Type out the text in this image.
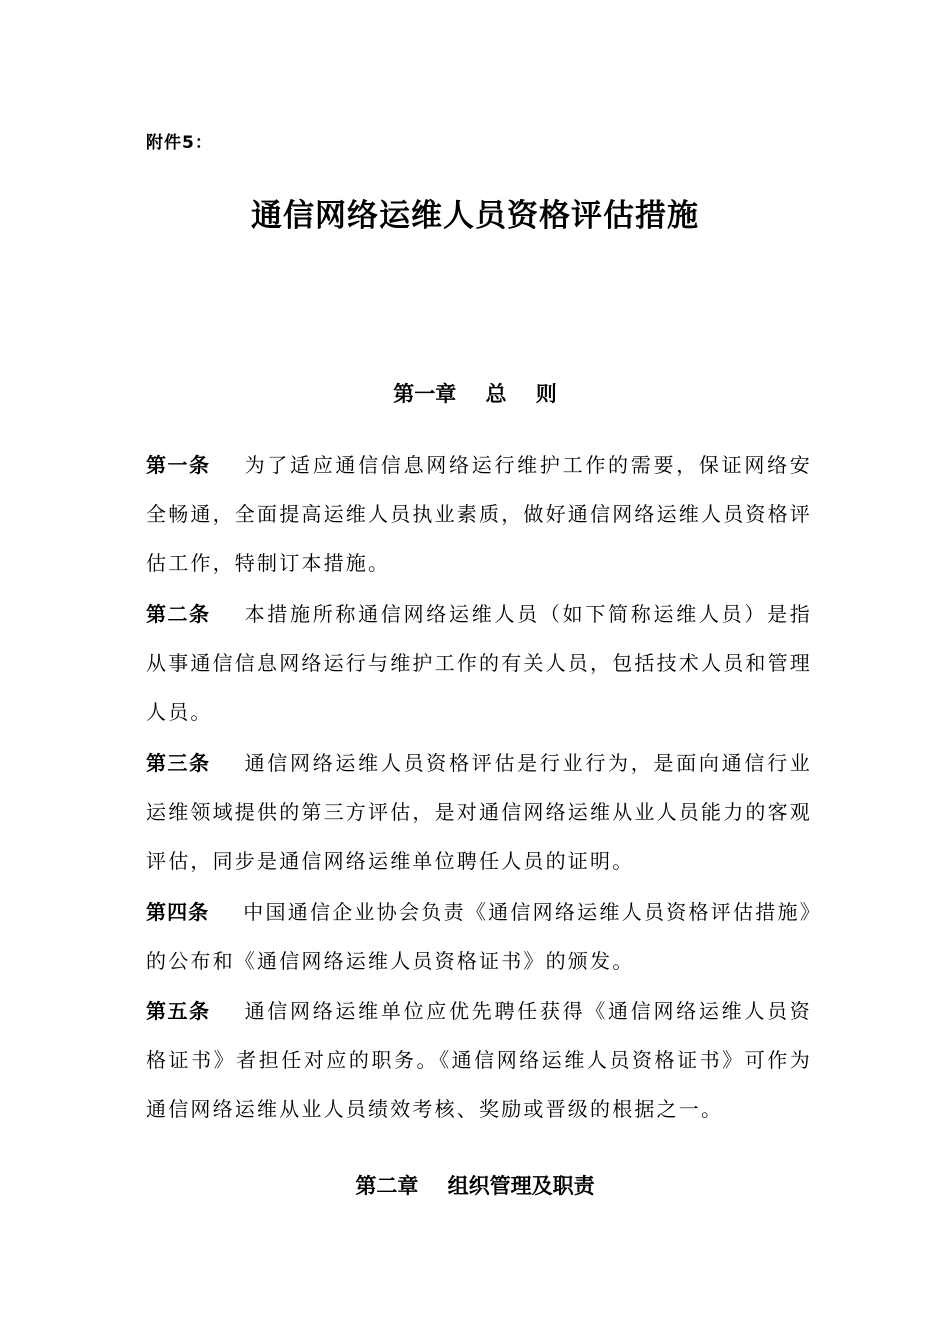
附件5：
通信网络运维人员资格评估措施
第一章    总    则
第一条 为了适应通信信息网络运行维护工作的需要，保证网络安全畅通，全面提高运维人员执业素质，做好通信网络运维人员资格评估工作，特制订本措施。
第二条 本措施所称通信网络运维人员（如下简称运维人员）是指从事通信信息网络运行与维护工作的有关人员，包括技术人员和管理人员。
第三条 通信网络运维人员资格评估是行业行为，是面向通信行业运维领域提供的第三方评估，是对通信网络运维从业人员能力的客观评估，同步是通信网络运维单位聘任人员的证明。
第四条 中国通信企业协会负责《通信网络运维人员资格评估措施》的公布和《通信网络运维人员资格证书》的颁发。
第五条 通信网络运维单位应优先聘任获得《通信网络运维人员资格证书》者担任对应的职务。《通信网络运维人员资格证书》可作为通信网络运维从业人员绩效考核、奖励或晋级的根据之一。
第二章    组织管理及职责
